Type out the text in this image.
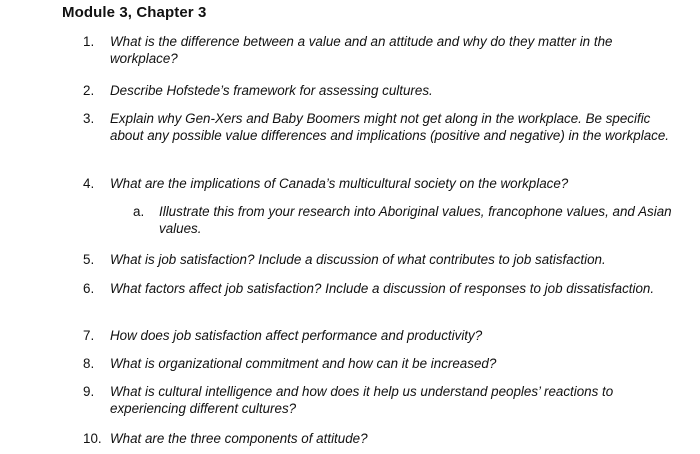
Module 3, Chapter 3
1.	What is the difference between a value and an attitude and why do they matter in the workplace?
2.	Describe Hofstede’s framework for assessing cultures.
3.	Explain why Gen-Xers and Baby Boomers might not get along in the workplace. Be specific about any possible value differences and implications (positive and negative) in the workplace.
4.	What are the implications of Canada’s multicultural society on the workplace?
a.	Illustrate this from your research into Aboriginal values, francophone values, and Asian values.
5.	What is job satisfaction? Include a discussion of what contributes to job satisfaction.
6.	What factors affect job satisfaction? Include a discussion of responses to job dissatisfaction.
7.	How does job satisfaction affect performance and productivity?
8.	What is organizational commitment and how can it be increased?
9.	What is cultural intelligence and how does it help us understand peoples’ reactions to experiencing different cultures?
10. What are the three components of attitude?
